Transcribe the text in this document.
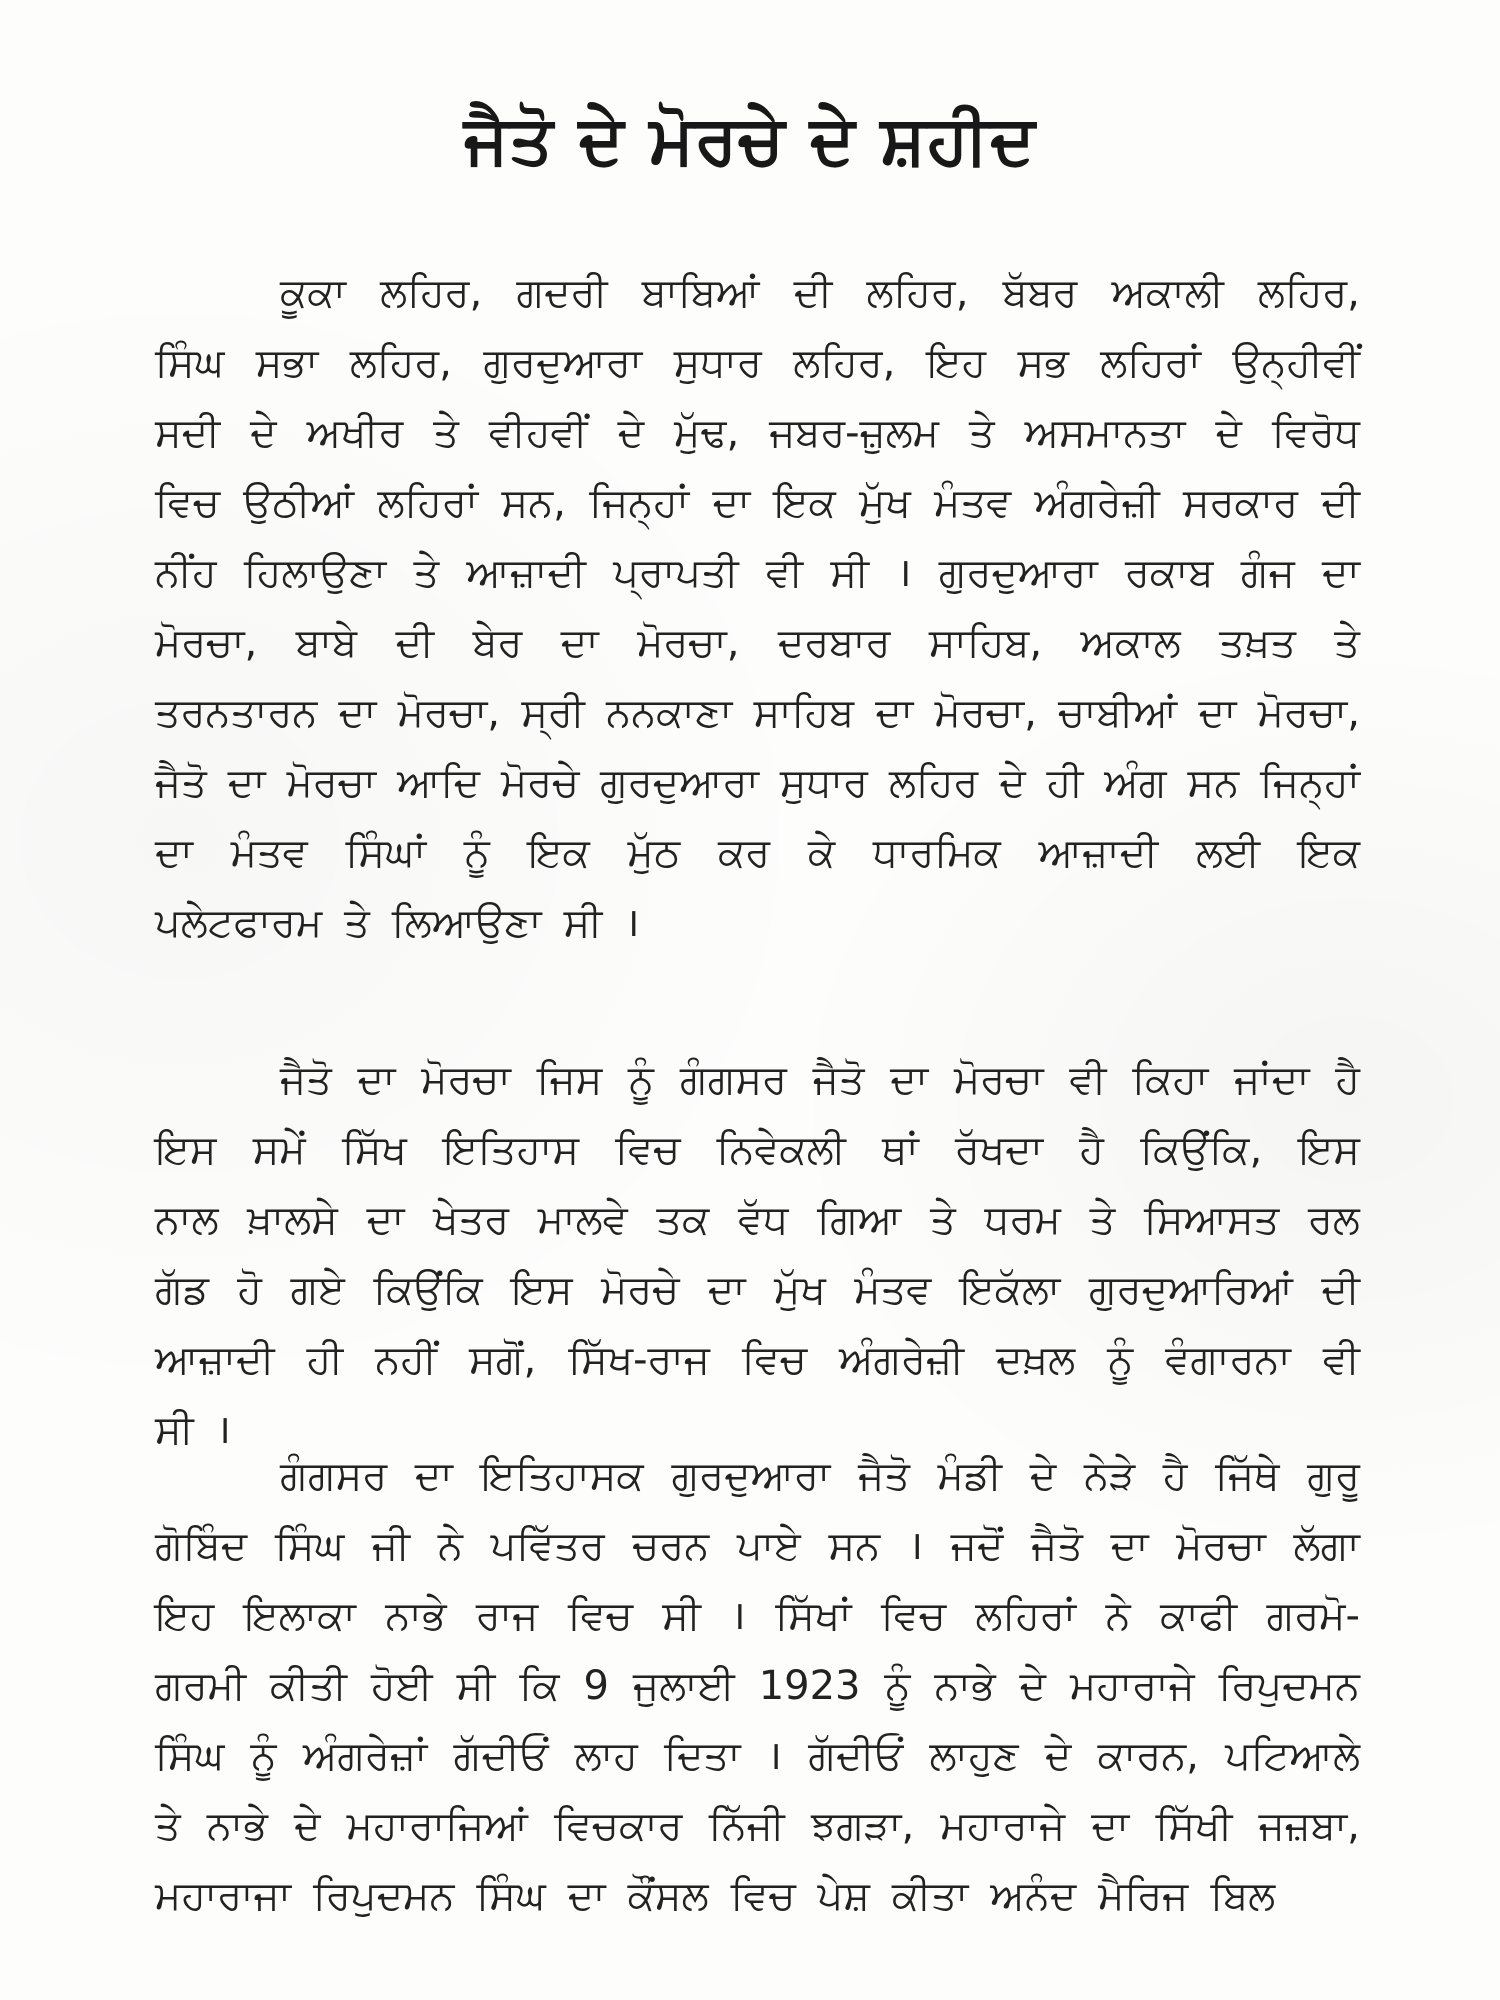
ਜੈਤੋ ਦੇ ਮੋਰਚੇ ਦੇ ਸ਼ਹੀਦ
ਕੂਕਾ ਲਹਿਰ, ਗਦਰੀ ਬਾਬਿਆਂ ਦੀ ਲਹਿਰ, ਬੱਬਰ ਅਕਾਲੀ ਲਹਿਰ,
ਸਿੰਘ ਸਭਾ ਲਹਿਰ, ਗੁਰਦੁਆਰਾ ਸੁਧਾਰ ਲਹਿਰ, ਇਹ ਸਭ ਲਹਿਰਾਂ ਉਨ੍ਹੀਵੀਂ
ਸਦੀ ਦੇ ਅਖੀਰ ਤੇ ਵੀਹਵੀਂ ਦੇ ਮੁੱਢ, ਜਬਰ-ਜ਼ੁਲਮ ਤੇ ਅਸਮਾਨਤਾ ਦੇ ਵਿਰੋਧ
ਵਿਚ ਉਠੀਆਂ ਲਹਿਰਾਂ ਸਨ, ਜਿਨ੍ਹਾਂ ਦਾ ਇਕ ਮੁੱਖ ਮੰਤਵ ਅੰਗਰੇਜ਼ੀ ਸਰਕਾਰ ਦੀ
ਨੀਂਹ ਹਿਲਾਉਣਾ ਤੇ ਆਜ਼ਾਦੀ ਪ੍ਰਾਪਤੀ ਵੀ ਸੀ । ਗੁਰਦੁਆਰਾ ਰਕਾਬ ਗੰਜ ਦਾ
ਮੋਰਚਾ, ਬਾਬੇ ਦੀ ਬੇਰ ਦਾ ਮੋਰਚਾ, ਦਰਬਾਰ ਸਾਹਿਬ, ਅਕਾਲ ਤਖ਼ਤ ਤੇ
ਤਰਨਤਾਰਨ ਦਾ ਮੋਰਚਾ, ਸ੍ਰੀ ਨਨਕਾਣਾ ਸਾਹਿਬ ਦਾ ਮੋਰਚਾ, ਚਾਬੀਆਂ ਦਾ ਮੋਰਚਾ,
ਜੈਤੋ ਦਾ ਮੋਰਚਾ ਆਦਿ ਮੋਰਚੇ ਗੁਰਦੁਆਰਾ ਸੁਧਾਰ ਲਹਿਰ ਦੇ ਹੀ ਅੰਗ ਸਨ ਜਿਨ੍ਹਾਂ
ਦਾ ਮੰਤਵ ਸਿੰਘਾਂ ਨੂੰ ਇਕ ਮੁੱਠ ਕਰ ਕੇ ਧਾਰਮਿਕ ਆਜ਼ਾਦੀ ਲਈ ਇਕ
ਪਲੇਟਫਾਰਮ ਤੇ ਲਿਆਉਣਾ ਸੀ ।
ਜੈਤੋ ਦਾ ਮੋਰਚਾ ਜਿਸ ਨੂੰ ਗੰਗਸਰ ਜੈਤੋ ਦਾ ਮੋਰਚਾ ਵੀ ਕਿਹਾ ਜਾਂਦਾ ਹੈ
ਇਸ ਸਮੇਂ ਸਿੱਖ ਇਤਿਹਾਸ ਵਿਚ ਨਿਵੇਕਲੀ ਥਾਂ ਰੱਖਦਾ ਹੈ ਕਿਉਂਕਿ, ਇਸ
ਨਾਲ ਖ਼ਾਲਸੇ ਦਾ ਖੇਤਰ ਮਾਲਵੇ ਤਕ ਵੱਧ ਗਿਆ ਤੇ ਧਰਮ ਤੇ ਸਿਆਸਤ ਰਲ
ਗੱਡ ਹੋ ਗਏ ਕਿਉਂਕਿ ਇਸ ਮੋਰਚੇ ਦਾ ਮੁੱਖ ਮੰਤਵ ਇਕੱਲਾ ਗੁਰਦੁਆਰਿਆਂ ਦੀ
ਆਜ਼ਾਦੀ ਹੀ ਨਹੀਂ ਸਗੋਂ, ਸਿੱਖ-ਰਾਜ ਵਿਚ ਅੰਗਰੇਜ਼ੀ ਦਖ਼ਲ ਨੂੰ ਵੰਗਾਰਨਾ ਵੀ
ਸੀ ।
ਗੰਗਸਰ ਦਾ ਇਤਿਹਾਸਕ ਗੁਰਦੁਆਰਾ ਜੈਤੋ ਮੰਡੀ ਦੇ ਨੇੜੇ ਹੈ ਜਿੱਥੇ ਗੁਰੂ
ਗੋਬਿੰਦ ਸਿੰਘ ਜੀ ਨੇ ਪਵਿੱਤਰ ਚਰਨ ਪਾਏ ਸਨ । ਜਦੋਂ ਜੈਤੋ ਦਾ ਮੋਰਚਾ ਲੱਗਾ
ਇਹ ਇਲਾਕਾ ਨਾਭੇ ਰਾਜ ਵਿਚ ਸੀ । ਸਿੱਖਾਂ ਵਿਚ ਲਹਿਰਾਂ ਨੇ ਕਾਫੀ ਗਰਮੋ-
ਗਰਮੀ ਕੀਤੀ ਹੋਈ ਸੀ ਕਿ 9 ਜੁਲਾਈ 1923 ਨੂੰ ਨਾਭੇ ਦੇ ਮਹਾਰਾਜੇ ਰਿਪੁਦਮਨ
ਸਿੰਘ ਨੂੰ ਅੰਗਰੇਜ਼ਾਂ ਗੱਦੀਓਂ ਲਾਹ ਦਿਤਾ । ਗੱਦੀਓਂ ਲਾਹੁਣ ਦੇ ਕਾਰਨ, ਪਟਿਆਲੇ
ਤੇ ਨਾਭੇ ਦੇ ਮਹਾਰਾਜਿਆਂ ਵਿਚਕਾਰ ਨਿੱਜੀ ਝਗੜਾ, ਮਹਾਰਾਜੇ ਦਾ ਸਿੱਖੀ ਜਜ਼ਬਾ,
ਮਹਾਰਾਜਾ ਰਿਪੁਦਮਨ ਸਿੰਘ ਦਾ ਕੌਂਸਲ ਵਿਚ ਪੇਸ਼ ਕੀਤਾ ਅਨੰਦ ਮੈਰਿਜ ਬਿਲ
